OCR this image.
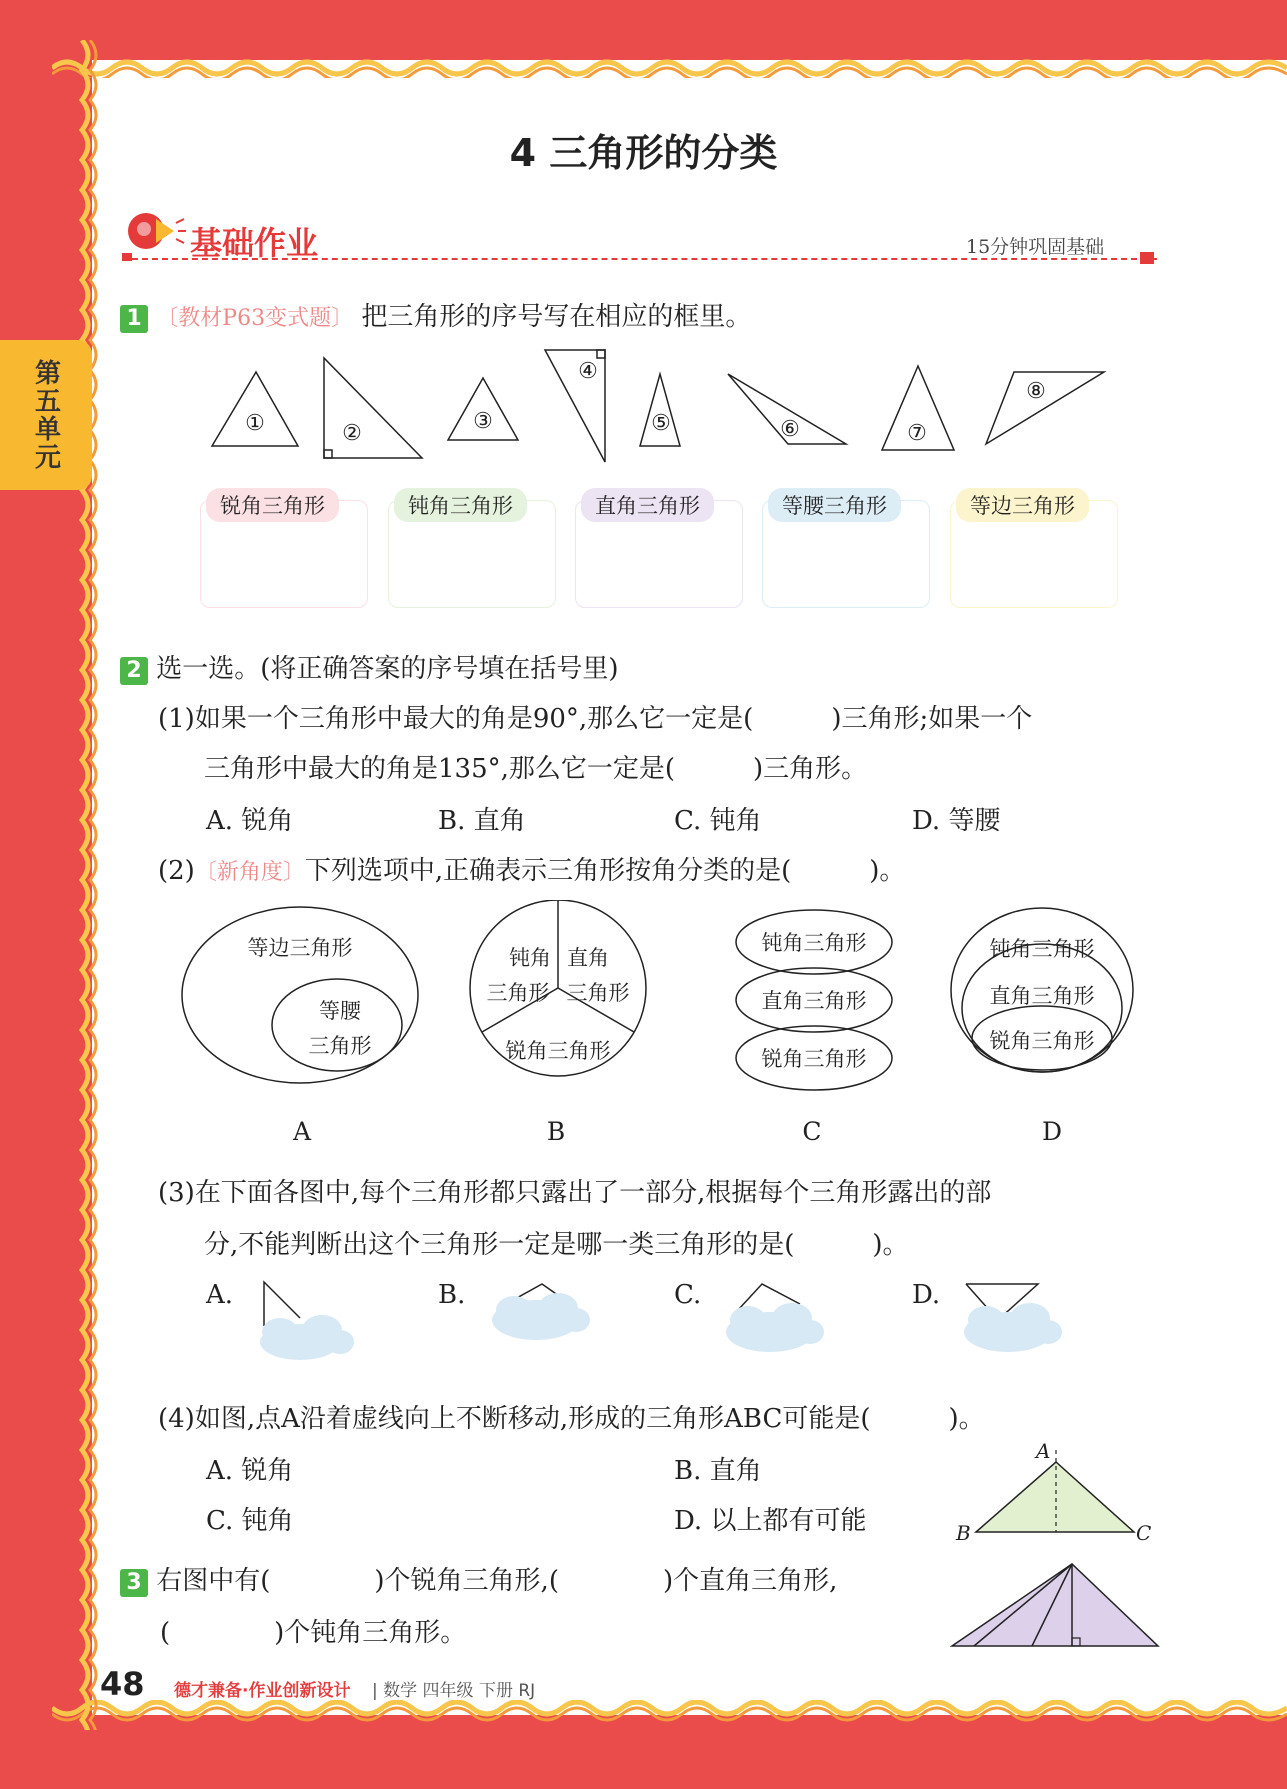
第五单元
4 三角形的分类
基础作业	15分钟巩固基础
1 〔教材P63变式题〕 把三角形的序号写在相应的框里。
①	②	③
④
⑤	⑥	⑦
⑧
锐角三角形	钝角三角形	直角三角形	等腰三角形	等边三角形
2 选一选。(将正确答案的序号填在括号里)
(1)如果一个三角形中最大的角是90°,那么它一定是(　　　)三角形;如果一个
三角形中最大的角是135°,那么它一定是(　　　)三角形。
A. 锐角	B. 直角	C. 钝角	D. 等腰
(2)〔新角度〕下列选项中,正确表示三角形按角分类的是(　　　)。
等边三角形
等腰
三角形
钝角
三角形
直角
三角形
锐角三角形
钝角三角形
直角三角形
锐角三角形
钝角三角形
直角三角形
锐角三角形
A	B	C	D
(3)在下面各图中,每个三角形都只露出了一部分,根据每个三角形露出的部
分,不能判断出这个三角形一定是哪一类三角形的是(　　　)。
A.	B.	C.	D.
(4)如图,点A沿着虚线向上不断移动,形成的三角形ABC可能是(　　　)。
A. 锐角	B. 直角
C. 钝角	D. 以上都有可能
A
B	C
3 右图中有(　　　　)个锐角三角形,(　　　　)个直角三角形,
(　　　　)个钝角三角形。
48 德才兼备·作业创新设计 | 数学 四年级 下册 RJ
